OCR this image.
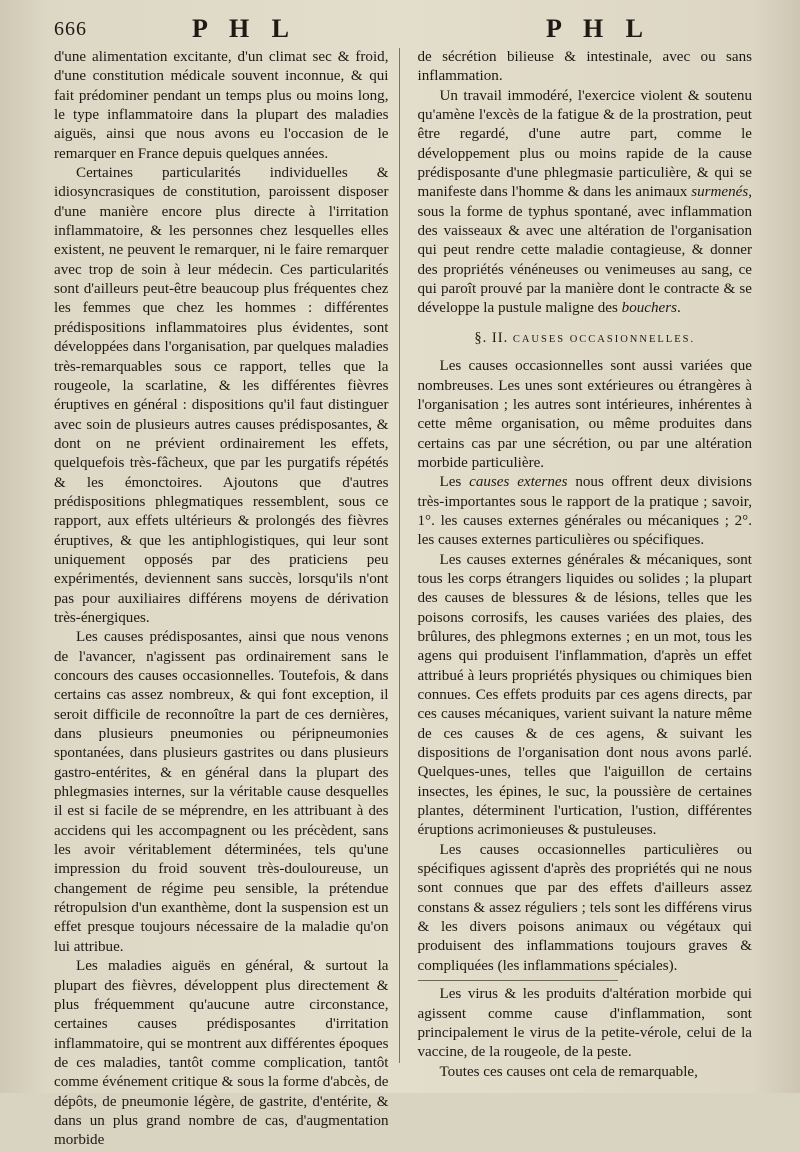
666	P H L	P H L

d'une alimentation excitante, d'un climat sec & froid, d'une constitution médicale souvent inconnue, & qui fait prédominer pendant un temps plus ou moins long, le type inflammatoire dans la plupart des maladies aiguës, ainsi que nous avons eu l'occasion de le remarquer en France depuis quelques années.

Certaines particularités individuelles & idiosyncrasiques de constitution, paroissent disposer d'une manière encore plus directe à l'irritation inflammatoire, & les personnes chez lesquelles elles existent, ne peuvent le remarquer, ni le faire remarquer avec trop de soin à leur médecin. Ces particularités sont d'ailleurs peut-être beaucoup plus fréquentes chez les femmes que chez les hommes : différentes prédispositions inflammatoires plus évidentes, sont développées dans l'organisation, par quelques maladies très-remarquables sous ce rapport, telles que la rougeole, la scarlatine, & les différentes fièvres éruptives en général : dispositions qu'il faut distinguer avec soin de plusieurs autres causes prédisposantes, & dont on ne prévient ordinairement les effets, quelquefois très-fâcheux, que par les purgatifs répétés & les émonctoires. Ajoutons que d'autres prédispositions phlegmatiques ressemblent, sous ce rapport, aux effets ultérieurs & prolongés des fièvres éruptives, & que les antiphlogistiques, qui leur sont uniquement opposés par des praticiens peu expérimentés, deviennent sans succès, lorsqu'ils n'ont pas pour auxiliaires différens moyens de dérivation très-énergiques.

Les causes prédisposantes, ainsi que nous venons de l'avancer, n'agissent pas ordinairement sans le concours des causes occasionnelles. Toutefois, & dans certains cas assez nombreux, & qui font exception, il seroit difficile de reconnoître la part de ces dernières, dans plusieurs pneumonies ou péripneumonies spontanées, dans plusieurs gastrites ou dans plusieurs gastro-entérites, & en général dans la plupart des phlegmasies internes, sur la véritable cause desquelles il est si facile de se méprendre, en les attribuant à des accidens qui les accompagnent ou les précèdent, sans les avoir véritablement déterminées, tels qu'une impression du froid souvent très-douloureuse, un changement de régime peu sensible, la prétendue rétropulsion d'un exanthème, dont la suspension est un effet presque toujours nécessaire de la maladie qu'on lui attribue.

Les maladies aiguës en général, & surtout la plupart des fièvres, développent plus directement & plus fréquemment qu'aucune autre circonstance, certaines causes prédisposantes d'irritation inflammatoire, qui se montrent aux différentes époques de ces maladies, tantôt comme complication, tantôt comme événement critique & sous la forme d'abcès, de dépôts, de pneumonie légère, de gastrite, d'entérite, & dans un plus grand nombre de cas, d'augmentation morbide

de sécrétion bilieuse & intestinale, avec ou sans inflammation.

Un travail immodéré, l'exercice violent & soutenu qu'amène l'excès de la fatigue & de la prostration, peut être regardé, d'une autre part, comme le développement plus ou moins rapide de la cause prédisposante d'une phlegmasie particulière, & qui se manifeste dans l'homme & dans les animaux surmenés, sous la forme de typhus spontané, avec inflammation des vaisseaux & avec une altération de l'organisation qui peut rendre cette maladie contagieuse, & donner des propriétés vénéneuses ou venimeuses au sang, ce qui paroît prouvé par la manière dont le contracte & se développe la pustule maligne des bouchers.

§. II. CAUSES OCCASIONNELLES.

Les causes occasionnelles sont aussi variées que nombreuses. Les unes sont extérieures ou étrangères à l'organisation ; les autres sont intérieures, inhérentes à cette même organisation, ou même produites dans certains cas par une sécrétion, ou par une altération morbide particulière.

Les causes externes nous offrent deux divisions très-importantes sous le rapport de la pratique ; savoir, 1°. les causes externes générales ou mécaniques ; 2°. les causes externes particulières ou spécifiques.

Les causes externes générales & mécaniques, sont tous les corps étrangers liquides ou solides ; la plupart des causes de blessures & de lésions, telles que les poisons corrosifs, les causes variées des plaies, des brûlures, des phlegmons externes ; en un mot, tous les agens qui produisent l'inflammation, d'après un effet attribué à leurs propriétés physiques ou chimiques bien connues. Ces effets produits par ces agens directs, par ces causes mécaniques, varient suivant la nature même de ces causes & de ces agens, & suivant les dispositions de l'organisation dont nous avons parlé. Quelques-unes, telles que l'aiguillon de certains insectes, les épines, le suc, la poussière de certaines plantes, déterminent l'urtication, l'ustion, différentes éruptions acrimonieuses & pustuleuses.

Les causes occasionnelles particulières ou spécifiques agissent d'après des propriétés qui ne nous sont connues que par des effets d'ailleurs assez constans & assez réguliers ; tels sont les différens virus & les divers poisons animaux ou végétaux qui produisent des inflammations toujours graves & compliquées (les inflammations spéciales).

Les virus & les produits d'altération morbide qui agissent comme cause d'inflammation, sont principalement le virus de la petite-vérole, celui de la vaccine, de la rougeole, de la peste.

Toutes ces causes ont cela de remarquable,
